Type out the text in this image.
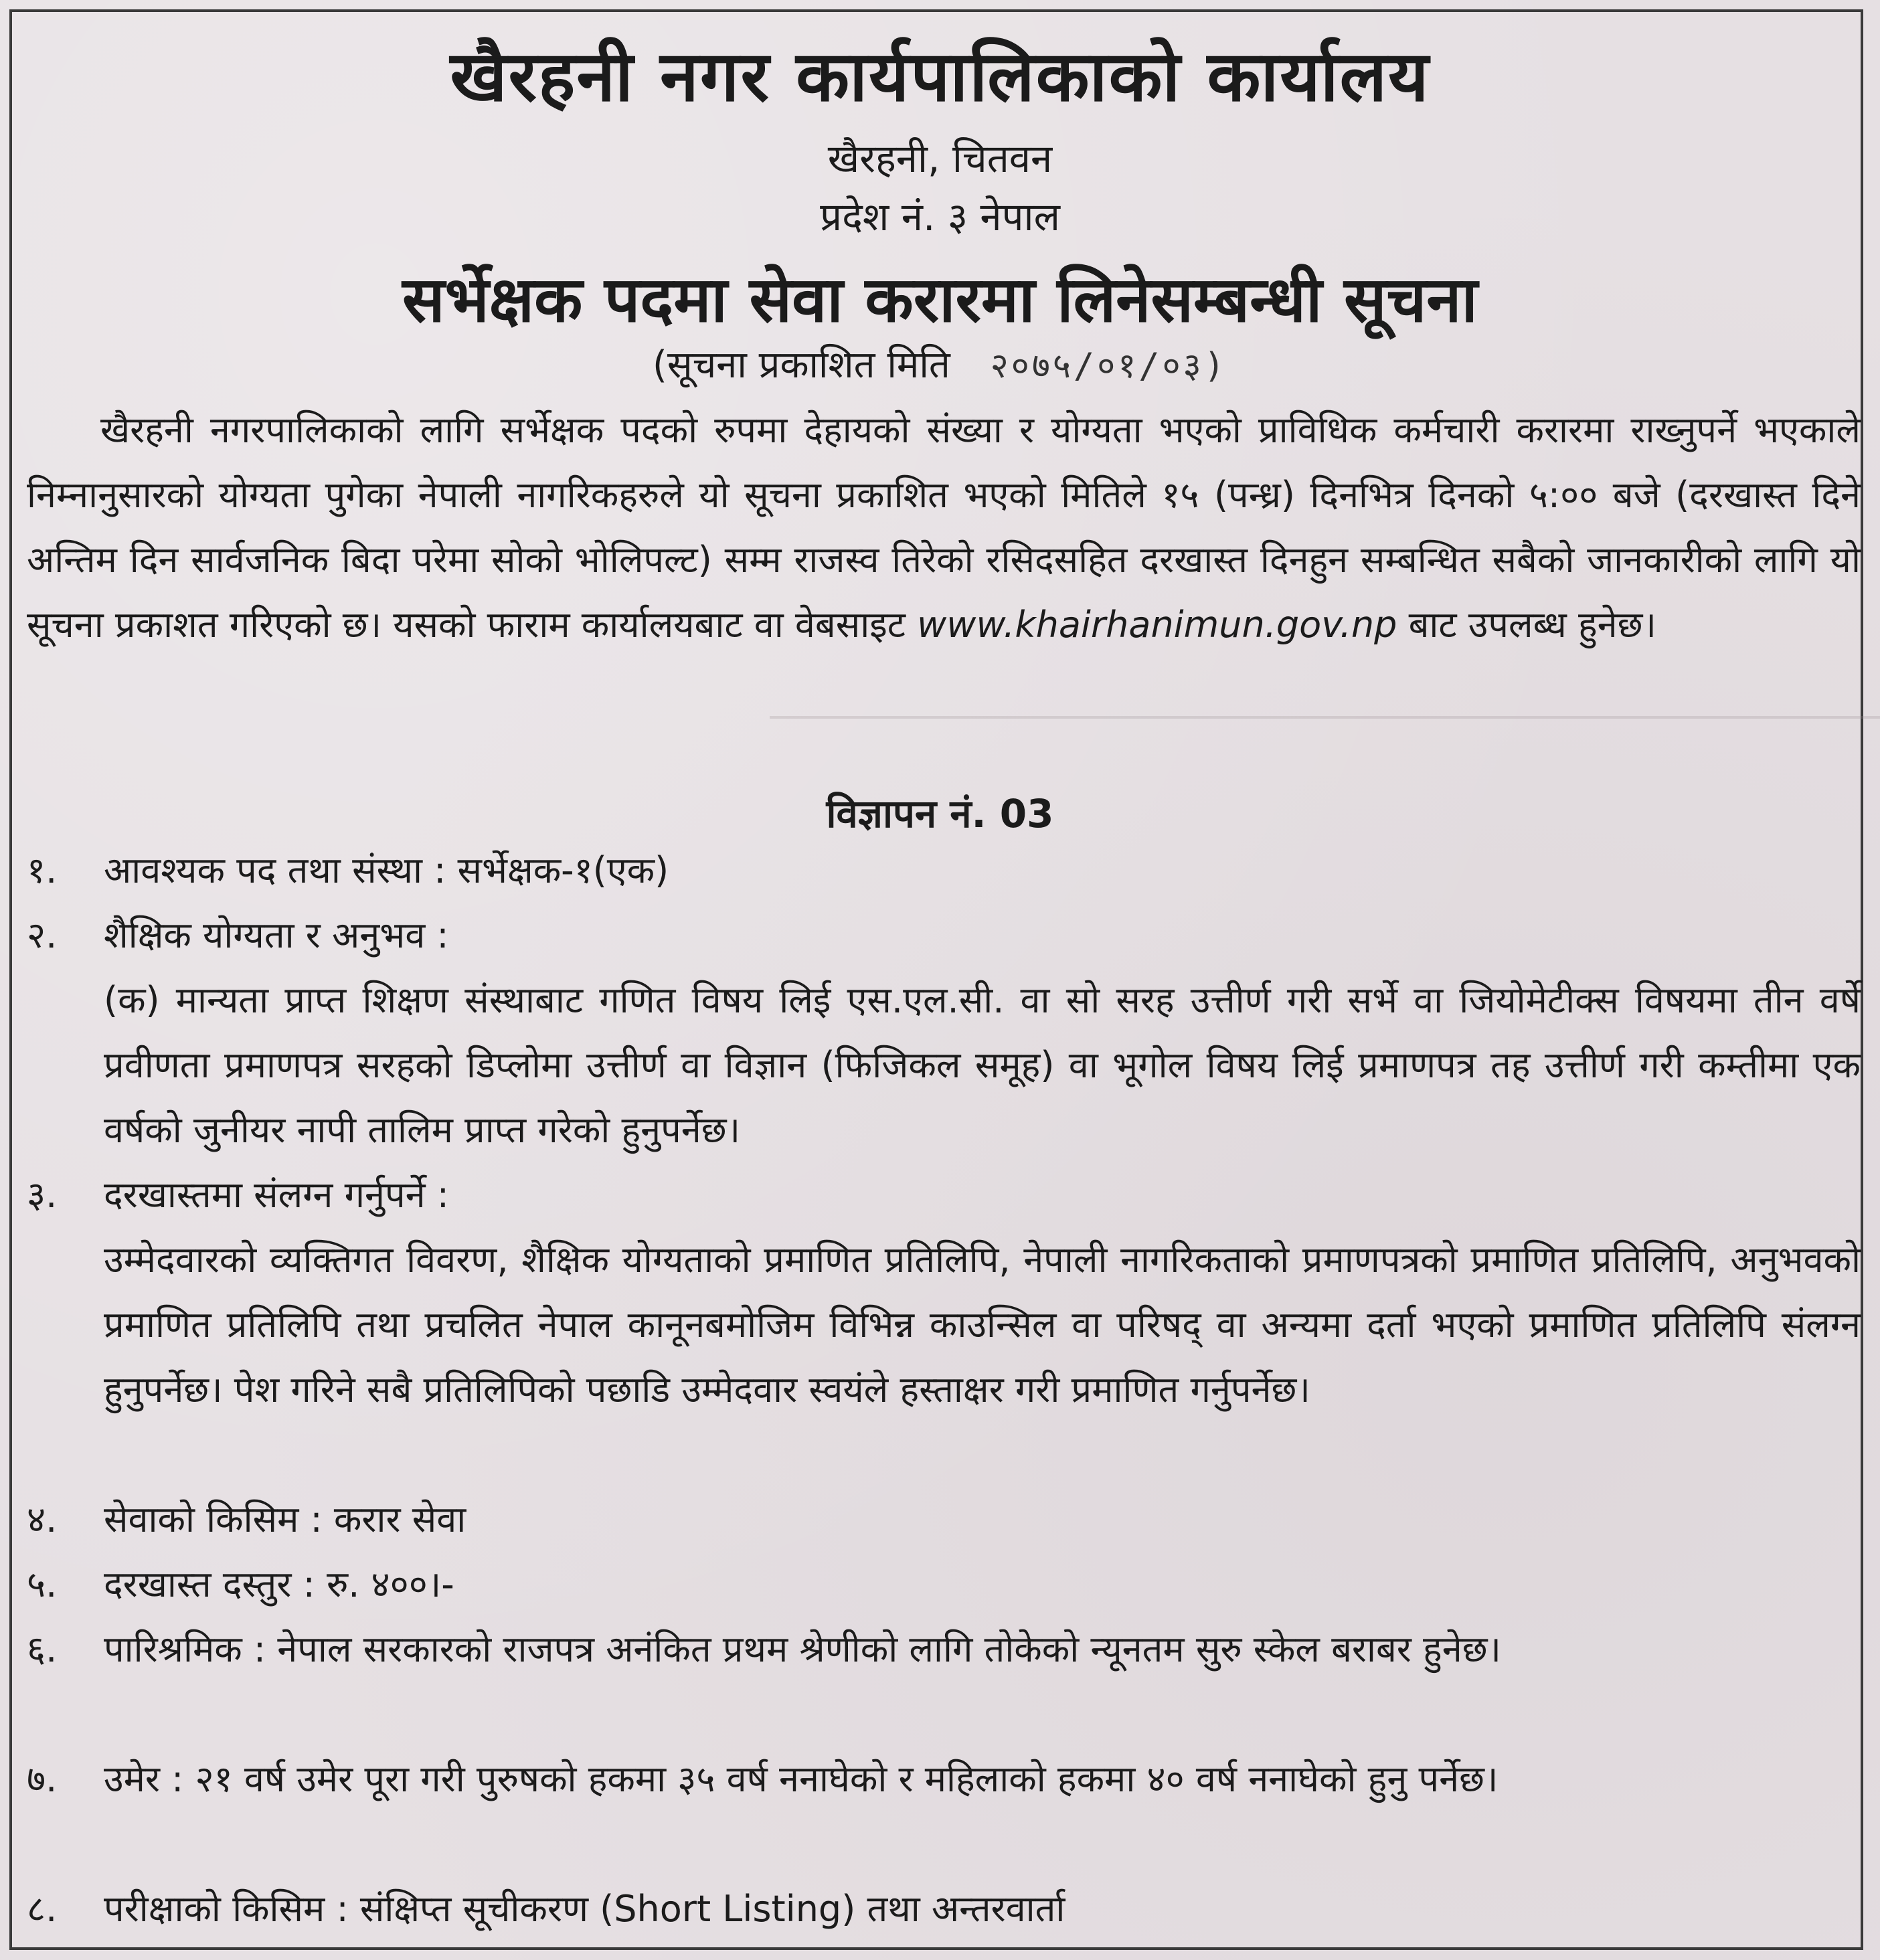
खैरहनी नगर कार्यपालिकाको कार्यालय
खैरहनी, चितवन
प्रदेश नं. ३ नेपाल
सर्भेक्षक पदमा सेवा करारमा लिनेसम्बन्धी सूचना
(सूचना प्रकाशित मिति २०७५/०१/०३)
खैरहनी नगरपालिकाको लागि सर्भेक्षक पदको रुपमा देहायको संख्या र योग्यता भएको प्राविधिक कर्मचारी करारमा राख्नुपर्ने भएकाले निम्नानुसारको योग्यता पुगेका नेपाली नागरिकहरुले यो सूचना प्रकाशित भएको मितिले १५ (पन्ध्र) दिनभित्र दिनको ५:०० बजे (दरखास्त दिने अन्तिम दिन सार्वजनिक बिदा परेमा सोको भोलिपल्ट) सम्म राजस्व तिरेको रसिदसहित दरखास्त दिनहुन सम्बन्धित सबैको जानकारीको लागि यो सूचना प्रकाशत गरिएको छ। यसको फाराम कार्यालयबाट वा वेबसाइट www.khairhanimun.gov.np बाट उपलब्ध हुनेछ।
विज्ञापन नं. 03
१.	आवश्यक पद तथा संस्था : सर्भेक्षक-१(एक)
२.	शैक्षिक योग्यता र अनुभव :
(क) मान्यता प्राप्त शिक्षण संस्थाबाट गणित विषय लिई एस.एल.सी. वा सो सरह उत्तीर्ण गरी सर्भे वा जियोमेटीक्स विषयमा तीन वर्षे प्रवीणता प्रमाणपत्र सरहको डिप्लोमा उत्तीर्ण वा विज्ञान (फिजिकल समूह) वा भूगोल विषय लिई प्रमाणपत्र तह उत्तीर्ण गरी कम्तीमा एक वर्षको जुनीयर नापी तालिम प्राप्त गरेको हुनुपर्नेछ।
३.	दरखास्तमा संलग्न गर्नुपर्ने :
उम्मेदवारको व्यक्तिगत विवरण, शैक्षिक योग्यताको प्रमाणित प्रतिलिपि, नेपाली नागरिकताको प्रमाणपत्रको प्रमाणित प्रतिलिपि, अनुभवको प्रमाणित प्रतिलिपि तथा प्रचलित नेपाल कानूनबमोजिम विभिन्न काउन्सिल वा परिषद् वा अन्यमा दर्ता भएको प्रमाणित प्रतिलिपि संलग्न हुनुपर्नेछ। पेश गरिने सबै प्रतिलिपिको पछाडि उम्मेदवार स्वयंले हस्ताक्षर गरी प्रमाणित गर्नुपर्नेछ।
४.	सेवाको किसिम : करार सेवा
५.	दरखास्त दस्तुर : रु. ४००।-
६.	पारिश्रमिक : नेपाल सरकारको राजपत्र अनंकित प्रथम श्रेणीको लागि तोकेको न्यूनतम सुरु स्केल बराबर हुनेछ।
७.	उमेर : २१ वर्ष उमेर पूरा गरी पुरुषको हकमा ३५ वर्ष ननाघेको र महिलाको हकमा ४० वर्ष ननाघेको हुनु पर्नेछ।
८.	परीक्षाको किसिम : संक्षिप्त सूचीकरण (Short Listing) तथा अन्तरवार्ता
